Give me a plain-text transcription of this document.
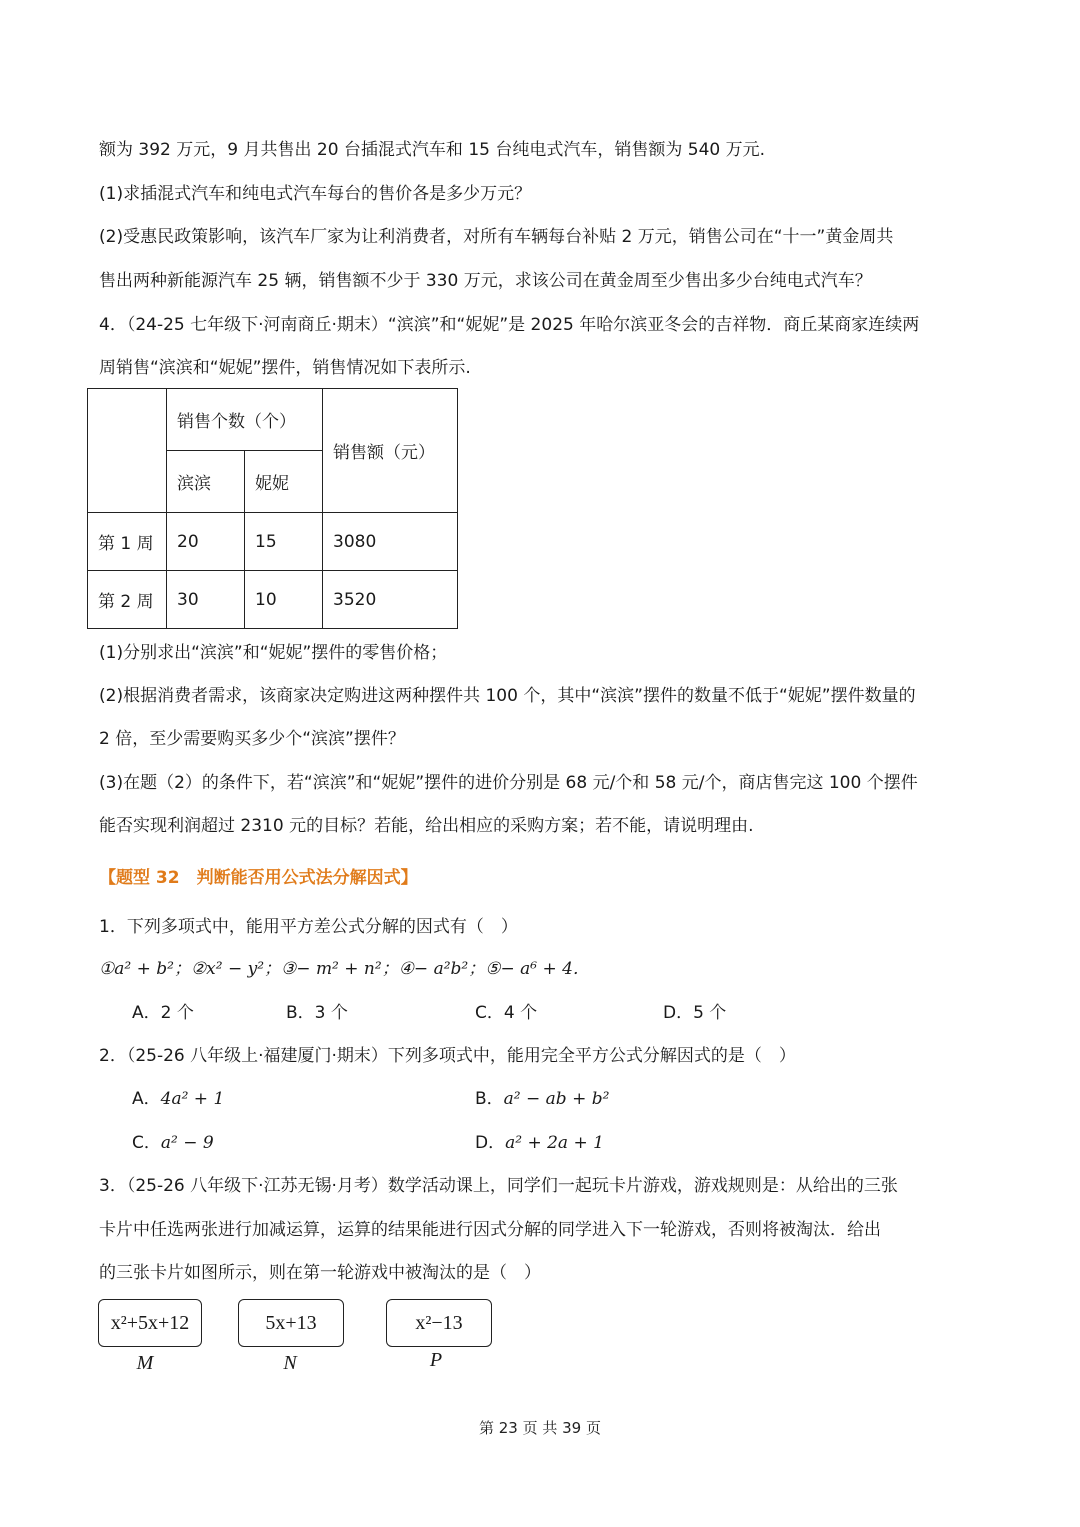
额为 392 万元，9 月共售出 20 台插混式汽车和 15 台纯电式汽车，销售额为 540 万元.
(1)求插混式汽车和纯电式汽车每台的售价各是多少万元？
(2)受惠民政策影响，该汽车厂家为让利消费者，对所有车辆每台补贴 2 万元，销售公司在“十一”黄金周共
售出两种新能源汽车 25 辆，销售额不少于 330 万元，求该公司在黄金周至少售出多少台纯电式汽车？
4．（24-25 七年级下·河南商丘·期末）“滨滨”和“妮妮”是 2025 年哈尔滨亚冬会的吉祥物．商丘某商家连续两
周销售“滨滨和“妮妮”摆件，销售情况如下表所示.
	销售个数（个）		销售额（元）
	滨滨	妮妮	
第 1 周	20	15	3080
第 2 周	30	10	3520
(1)分别求出“滨滨”和“妮妮”摆件的零售价格；
(2)根据消费者需求，该商家决定购进这两种摆件共 100 个，其中“滨滨”摆件的数量不低于“妮妮”摆件数量的
2 倍，至少需要购买多少个“滨滨”摆件？
(3)在题（2）的条件下，若“滨滨”和“妮妮”摆件的进价分别是 68 元/个和 58 元/个，商店售完这 100 个摆件
能否实现利润超过 2310 元的目标？若能，给出相应的采购方案；若不能，请说明理由.
【题型 32　判断能否用公式法分解因式】
1．下列多项式中，能用平方差公式分解的因式有（　）
①a² + b²；②x² − y²；③− m² + n²；④− a²b²；⑤− a⁶ + 4．
A．2 个	B．3 个	C．4 个	D．5 个
2．（25-26 八年级上·福建厦门·期末）下列多项式中，能用完全平方公式分解因式的是（　）
A．4a² + 1	B．a² − ab + b²
C．a² − 9	D．a² + 2a + 1
3．（25-26 八年级下·江苏无锡·月考）数学活动课上，同学们一起玩卡片游戏，游戏规则是：从给出的三张
卡片中任选两张进行加减运算，运算的结果能进行因式分解的同学进入下一轮游戏，否则将被淘汰．给出
的三张卡片如图所示，则在第一轮游戏中被淘汰的是（　）
x²+5x+12	5x+13	x²−13
M	N	P
第 23 页 共 39 页
